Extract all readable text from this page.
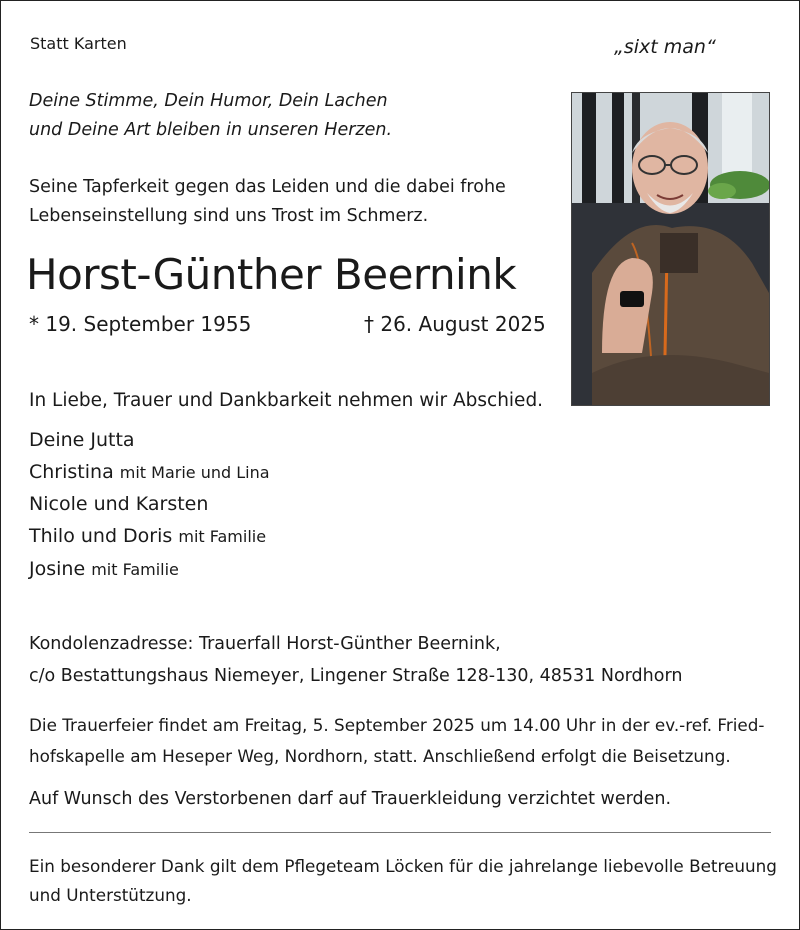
Statt Karten	„sixt man“
Deine Stimme, Dein Humor, Dein Lachen
und Deine Art bleiben in unseren Herzen.
Seine Tapferkeit gegen das Leiden und die dabei frohe
Lebenseinstellung sind uns Trost im Schmerz.
Horst-Günther Beernink
* 19. September 1955	† 26. August 2025
In Liebe, Trauer und Dankbarkeit nehmen wir Abschied.
Deine Jutta
Christina mit Marie und Lina
Nicole und Karsten
Thilo und Doris mit Familie
Josine mit Familie
Kondolenzadresse: Trauerfall Horst-Günther Beernink,
c/o Bestattungshaus Niemeyer, Lingener Straße 128-130, 48531 Nordhorn
Die Trauerfeier findet am Freitag, 5. September 2025 um 14.00 Uhr in der ev.-ref. Fried-
hofskapelle am Heseper Weg, Nordhorn, statt. Anschließend erfolgt die Beisetzung.
Auf Wunsch des Verstorbenen darf auf Trauerkleidung verzichtet werden.
Ein besonderer Dank gilt dem Pflegeteam Löcken für die jahrelange liebevolle Betreuung
und Unterstützung.
